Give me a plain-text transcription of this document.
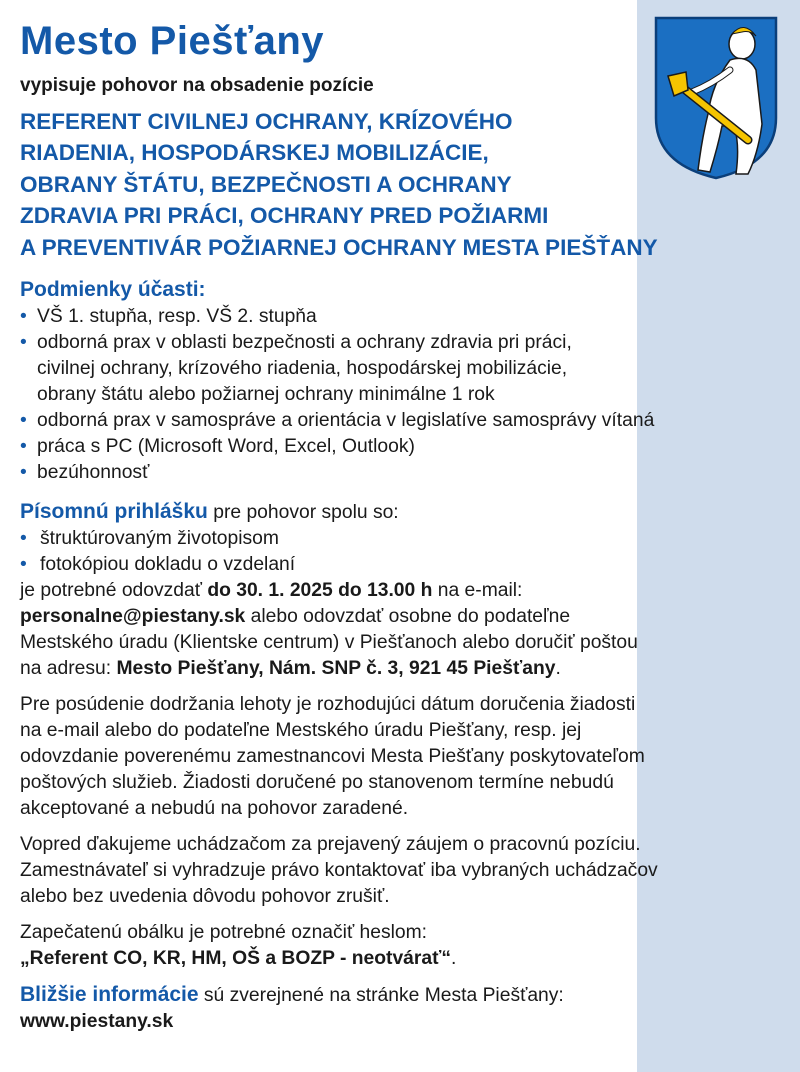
Mesto Piešťany
vypisuje pohovor na obsadenie pozície
REFERENT CIVILNEJ OCHRANY, KRÍZOVÉHO
RIADENIA, HOSPODÁRSKEJ MOBILIZÁCIE,
OBRANY ŠTÁTU, BEZPEČNOSTI A OCHRANY
ZDRAVIA PRI PRÁCI, OCHRANY PRED POŽIARMI
A PREVENTIVÁR POŽIARNEJ OCHRANY MESTA PIEŠŤANY
Podmienky účasti:
• VŠ 1. stupňa, resp. VŠ 2. stupňa
• odborná prax v oblasti bezpečnosti a ochrany zdravia pri práci,
civilnej ochrany, krízového riadenia, hospodárskej mobilizácie,
obrany štátu alebo požiarnej ochrany minimálne 1 rok
• odborná prax v samospráve a orientácia v legislatíve samosprávy vítaná
• práca s PC (Microsoft Word, Excel, Outlook)
• bezúhonnosť
Písomnú prihlášku pre pohovor spolu so:
• štruktúrovaným životopisom
• fotokópiou dokladu o vzdelaní
je potrebné odovzdať do 30. 1. 2025 do 13.00 h na e-mail:
personalne@piestany.sk alebo odovzdať osobne do podateľne
Mestského úradu (Klientske centrum) v Piešťanoch alebo doručiť poštou
na adresu: Mesto Piešťany, Nám. SNP č. 3, 921 45 Piešťany.
Pre posúdenie dodržania lehoty je rozhodujúci dátum doručenia žiadosti
na e-mail alebo do podateľne Mestského úradu Piešťany, resp. jej
odovzdanie poverenému zamestnancovi Mesta Piešťany poskytovateľom
poštových služieb. Žiadosti doručené po stanovenom termíne nebudú
akceptované a nebudú na pohovor zaradené.
Vopred ďakujeme uchádzačom za prejavený záujem o pracovnú pozíciu.
Zamestnávateľ si vyhradzuje právo kontaktovať iba vybraných uchádzačov
alebo bez uvedenia dôvodu pohovor zrušiť.
Zapečatenú obálku je potrebné označiť heslom:
„Referent CO, KR, HM, OŠ a BOZP - neotvárať“.
Bližšie informácie sú zverejnené na stránke Mesta Piešťany:
www.piestany.sk
